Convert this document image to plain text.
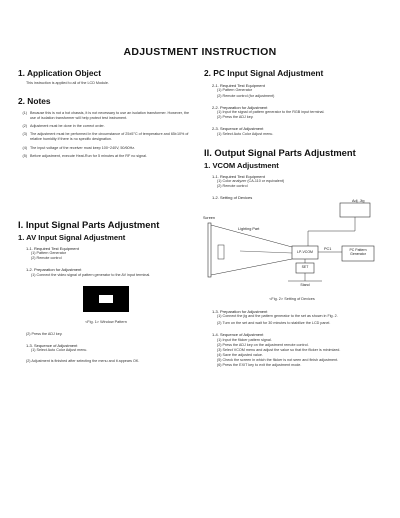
ADJUSTMENT INSTRUCTION
1. Application Object

This instruction is applied to all of the LCD Module.

2. Notes
(1) Because this is not a hot chassis, it is not necessary to use an isolation transformer. However, the use of isolation transformer will help protect test instrument.
(2) Adjustment must be done in the correct order.
(3) The adjustment must be performed in the circumstance of 25±5°C of temperature and 65±10% of relative humidity if there is no specific designation.
(4) The input voltage of the receiver must keep 100~240V, 50/60Hz.
(5) Before adjustment, execute Heat-Run for 5 minutes at the RF no signal.
I. Input Signal Parts Adjustment
1. AV Input Signal Adjustment

1-1. Required Test Equipment

(1) Pattern Generator

(2) Remote control

1-2. Preparation for Adjustment

(1) Connect the video signal of pattern generator to the AV input terminal.

<Fig. 1> Window Pattern

(2) Press the ADJ key.

1-3. Sequence of Adjustment

(1) Select Auto Color Adjust menu.

(2) Adjustment is finished after selecting the menu and it appears OK.

2. PC Input Signal Adjustment

2-1. Required Test Equipment

(1) Pattern Generator

(2) Remote control (for adjustment)

2-2. Preparation for Adjustment

(1) Input the signal of pattern generator to the RGB input terminal.

(2) Press the ADJ key.

2-3. Sequence of Adjustment

(1) Select Auto Color Adjust menu.

II. Output Signal Parts Adjustment
1. VCOM Adjustment

1-1. Required Test Equipment

(1) Color analyzer (CA-110 or equivalent)

(2) Remote control

1-2. Setting of Devices

Adj. Jig
Screen
Lighting Part
LP-VCOM
PC1	PC Pattern Generator
SET
Stand
<Fig. 2> Setting of Devices

1-3. Preparation for Adjustment

(1) Connect the jig and the pattern generator to the set as shown in Fig. 2.

(2) Turn on the set and wait for 30 minutes to stabilize the LCD panel.

1-4. Sequence of Adjustment

(1) Input the flicker pattern signal.

(2) Press the ADJ key on the adjustment remote control.

(3) Select VCOM menu and adjust the value so that the flicker is minimized.

(4) Save the adjusted value.

(5) Check the screen in which the flicker is not seen and finish adjustment.

(6) Press the EXIT key to exit the adjustment mode.
